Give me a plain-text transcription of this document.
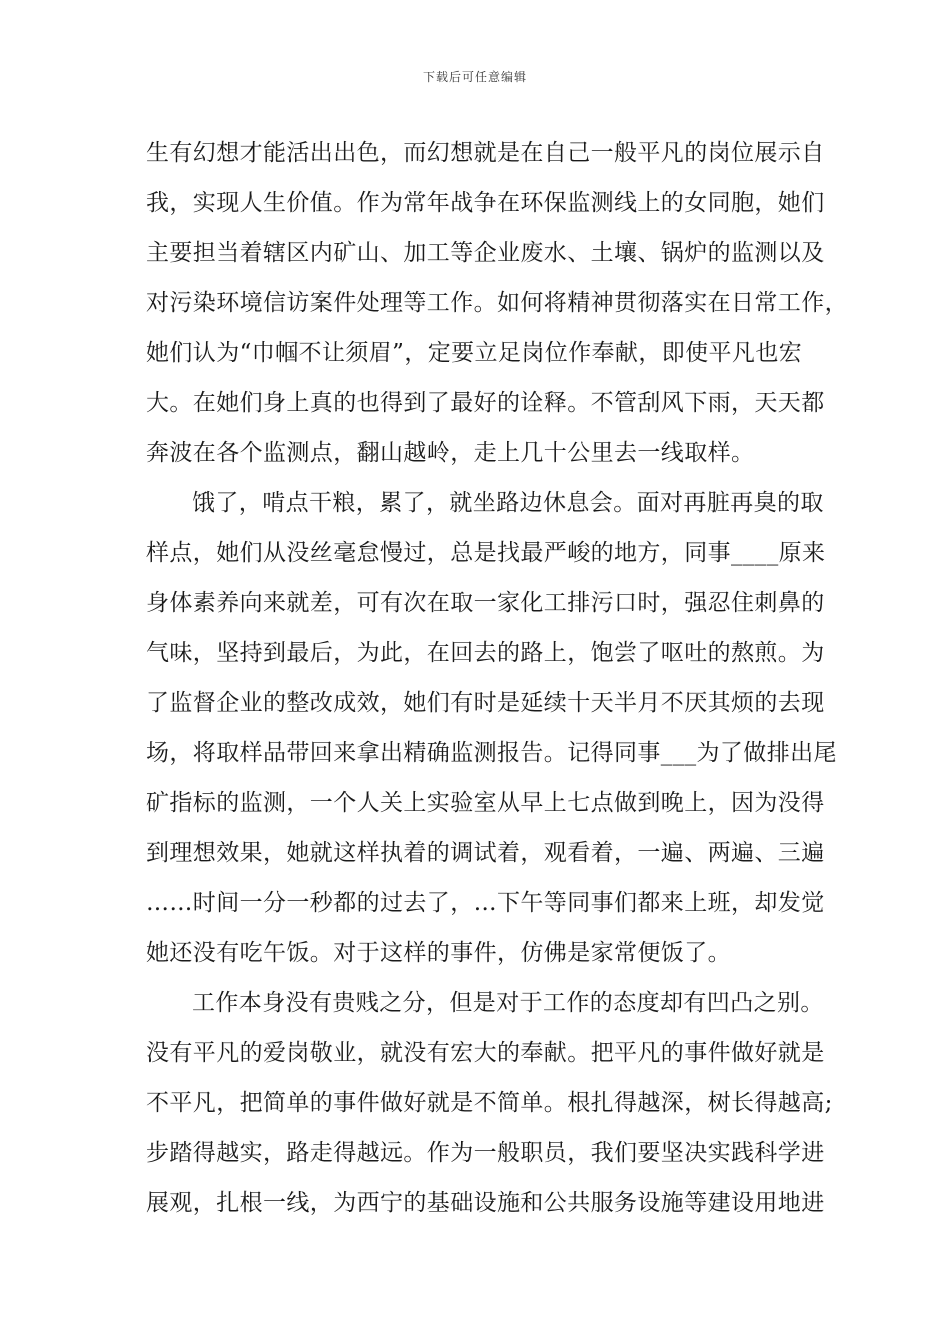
下载后可任意编辑
生有幻想才能活出出色，而幻想就是在自己一般平凡的岗位展示自
我，实现人生价值。作为常年战争在环保监测线上的女同胞，她们
主要担当着辖区内矿山、加工等企业废水、土壤、锅炉的监测以及
对污染环境信访案件处理等工作。如何将精神贯彻落实在日常工作，
她们认为“巾帼不让须眉”，定要立足岗位作奉献，即使平凡也宏
大。在她们身上真的也得到了最好的诠释。不管刮风下雨，天天都
奔波在各个监测点，翻山越岭，走上几十公里去一线取样。
饿了，啃点干粮，累了，就坐路边休息会。面对再脏再臭的取
样点，她们从没丝毫怠慢过，总是找最严峻的地方，同事____原来
身体素养向来就差，可有次在取一家化工排污口时，强忍住刺鼻的
气味，坚持到最后，为此，在回去的路上，饱尝了呕吐的熬煎。为
了监督企业的整改成效，她们有时是延续十天半月不厌其烦的去现
场，将取样品带回来拿出精确监测报告。记得同事___为了做排出尾
矿指标的监测，一个人关上实验室从早上七点做到晚上，因为没得
到理想效果，她就这样执着的调试着，观看着，一遍、两遍、三遍
……时间一分一秒都的过去了，…下午等同事们都来上班，却发觉
她还没有吃午饭。对于这样的事件，仿佛是家常便饭了。
工作本身没有贵贱之分，但是对于工作的态度却有凹凸之别。
没有平凡的爱岗敬业，就没有宏大的奉献。把平凡的事件做好就是
不平凡，把简单的事件做好就是不简单。根扎得越深，树长得越高;
步踏得越实，路走得越远。作为一般职员，我们要坚决实践科学进
展观，扎根一线，为西宁的基础设施和公共服务设施等建设用地进
